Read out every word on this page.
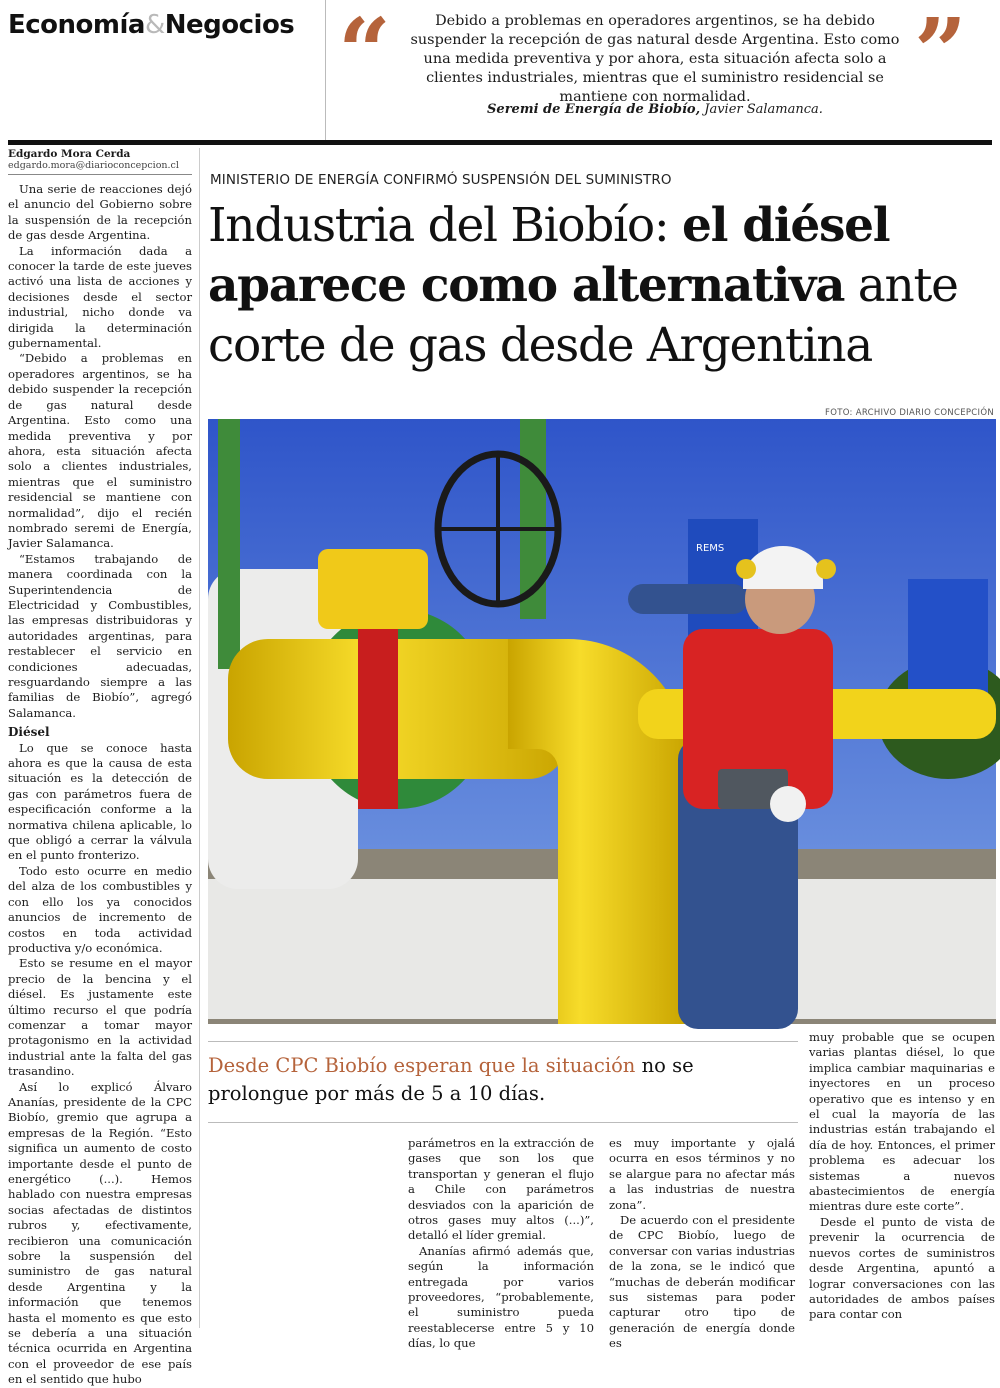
Economía&Negocios “	”
Debido a problemas en operadores argentinos, se ha debido suspender la recepción de gas natural desde Argentina. Esto como una medida preventiva y por ahora, esta situación afecta solo a clientes industriales, mientras que el suministro residencial se mantiene con normalidad.
Seremi de Energía de Biobío, Javier Salamanca.
Edgardo Mora Cerda
edgardo.mora@diarioconcepcion.cl

Una serie de reacciones dejó el anuncio del Gobierno sobre la suspensión de la recepción de gas desde Argentina.

La información dada a conocer la tarde de este jueves activó una lista de acciones y decisiones desde el sector industrial, nicho donde va dirigida la determinación gubernamental.

“Debido a problemas en operadores argentinos, se ha debido suspender la recepción de gas natural desde Argentina. Esto como una medida preventiva y por ahora, esta situación afecta solo a clientes industriales, mientras que el suministro residencial se mantiene con normalidad”, dijo el recién nombrado seremi de Energía, Javier Salamanca.

“Estamos trabajando de manera coordinada con la Superintendencia de Electricidad y Combustibles, las empresas distribuidoras y autoridades argentinas, para restablecer el servicio en condiciones adecuadas, resguardando siempre a las familias de Biobío”, agregó Salamanca.

Diésel

Lo que se conoce hasta ahora es que la causa de esta situación es la detección de gas con parámetros fuera de especificación conforme a la normativa chilena aplicable, lo que obligó a cerrar la válvula en el punto fronterizo.

Todo esto ocurre en medio del alza de los combustibles y con ello los ya conocidos anuncios de incremento de costos en toda actividad productiva y/o económica.

Esto se resume en el mayor precio de la bencina y el diésel. Es justamente este último recurso el que podría comenzar a tomar mayor protagonismo en la actividad industrial ante la falta del gas trasandino.

Así lo explicó Álvaro Ananías, presidente de la CPC Biobío, gremio que agrupa a empresas de la Región. “Esto significa un aumento de costo importante desde el punto de energético (...). Hemos hablado con nuestra empresas socias afectadas de distintos rubros y, efectivamente, recibieron una comunicación sobre la suspensión del suministro de gas natural desde Argentina y la información que tenemos hasta el momento es que esto se debería a una situación técnica ocurrida en Argentina con el proveedor de ese país en el sentido que hubo

MINISTERIO DE ENERGÍA CONFIRMÓ SUSPENSIÓN DEL SUMINISTRO
Industria del Biobío: el diésel aparece como alternativa ante corte de gas desde Argentina
FOTO: ARCHIVO DIARIO CONCEPCIÓN
REMS
Desde CPC Biobío esperan que la situación no se prolongue por más de 5 a 10 días.

parámetros en la extracción de gases que son los que transportan y generan el flujo a Chile con parámetros desviados con la aparición de otros gases muy altos (...)”, detalló el líder gremial.

Ananías afirmó además que, según la información entregada por varios proveedores, “probablemente, el suministro pueda reestablecerse entre 5 y 10 días, lo que

es muy importante y ojalá ocurra en esos términos y no se alargue para no afectar más a las industrias de nuestra zona”.

De acuerdo con el presidente de CPC Biobío, luego de conversar con varias industrias de la zona, se le indicó que “muchas de deberán modificar sus sistemas para poder capturar otro tipo de generación de energía donde es

muy probable que se ocupen varias plantas diésel, lo que implica cambiar maquinarias e inyectores en un proceso operativo que es intenso y en el cual la mayoría de las industrias están trabajando el día de hoy. Entonces, el primer problema es adecuar los sistemas a nuevos abastecimientos de energía mientras dure este corte”.

Desde el punto de vista de prevenir la ocurrencia de nuevos cortes de suministros desde Argentina, apuntó a lograr conversaciones con las autoridades de ambos países para contar con
